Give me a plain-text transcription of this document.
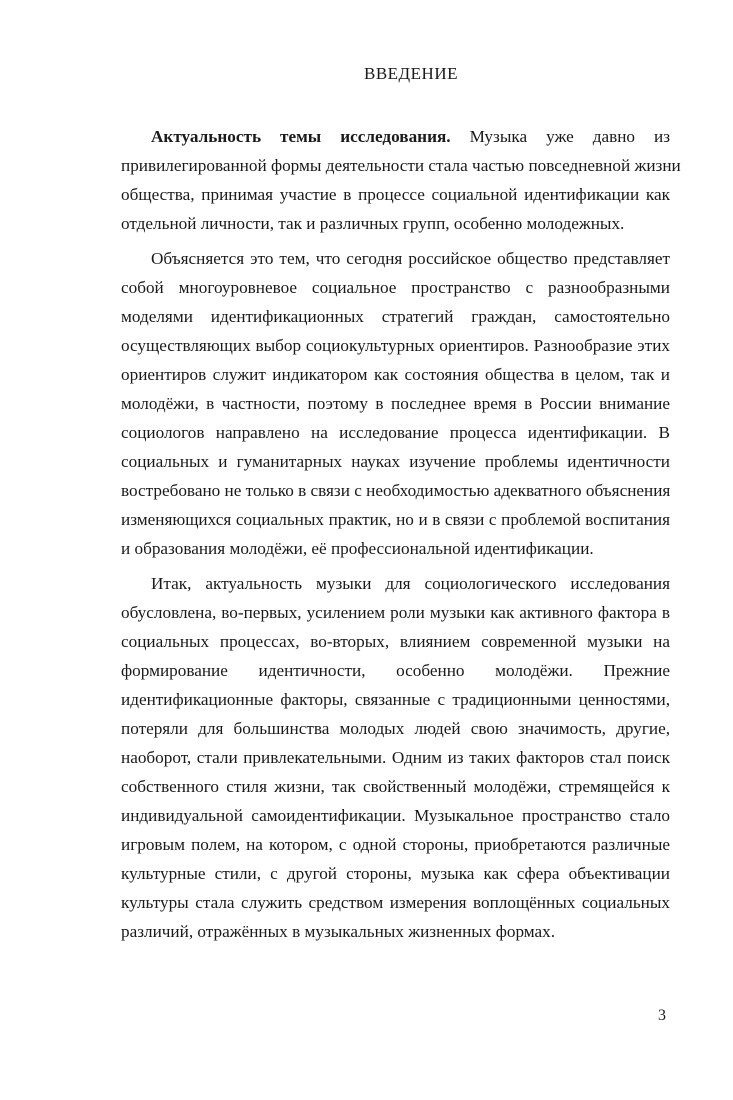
ВВЕДЕНИЕ
Актуальность темы исследования. Музыка уже давно из
привилегированной формы деятельности стала частью повседневной жизни
общества, принимая участие в процессе социальной идентификации как
отдельной личности, так и различных групп, особенно молодежных.
Объясняется это тем, что сегодня российское общество представляет
собой многоуровневое социальное пространство с разнообразными
моделями идентификационных стратегий граждан, самостоятельно
осуществляющих выбор социокультурных ориентиров. Разнообразие этих
ориентиров служит индикатором как состояния общества в целом, так и
молодёжи, в частности, поэтому в последнее время в России внимание
социологов направлено на исследование процесса идентификации. В
социальных и гуманитарных науках изучение проблемы идентичности
востребовано не только в связи с необходимостью адекватного объяснения
изменяющихся социальных практик, но и в связи с проблемой воспитания
и образования молодёжи, её профессиональной идентификации.
Итак, актуальность музыки для социологического исследования
обусловлена, во-первых, усилением роли музыки как активного фактора в
социальных процессах, во-вторых, влиянием современной музыки на
формирование идентичности, особенно молодёжи. Прежние
идентификационные факторы, связанные с традиционными ценностями,
потеряли для большинства молодых людей свою значимость, другие,
наоборот, стали привлекательными. Одним из таких факторов стал поиск
собственного стиля жизни, так свойственный молодёжи, стремящейся к
индивидуальной самоидентификации. Музыкальное пространство стало
игровым полем, на котором, с одной стороны, приобретаются различные
культурные стили, с другой стороны, музыка как сфера объективации
культуры стала служить средством измерения воплощённых социальных
различий, отражённых в музыкальных жизненных формах.
3
